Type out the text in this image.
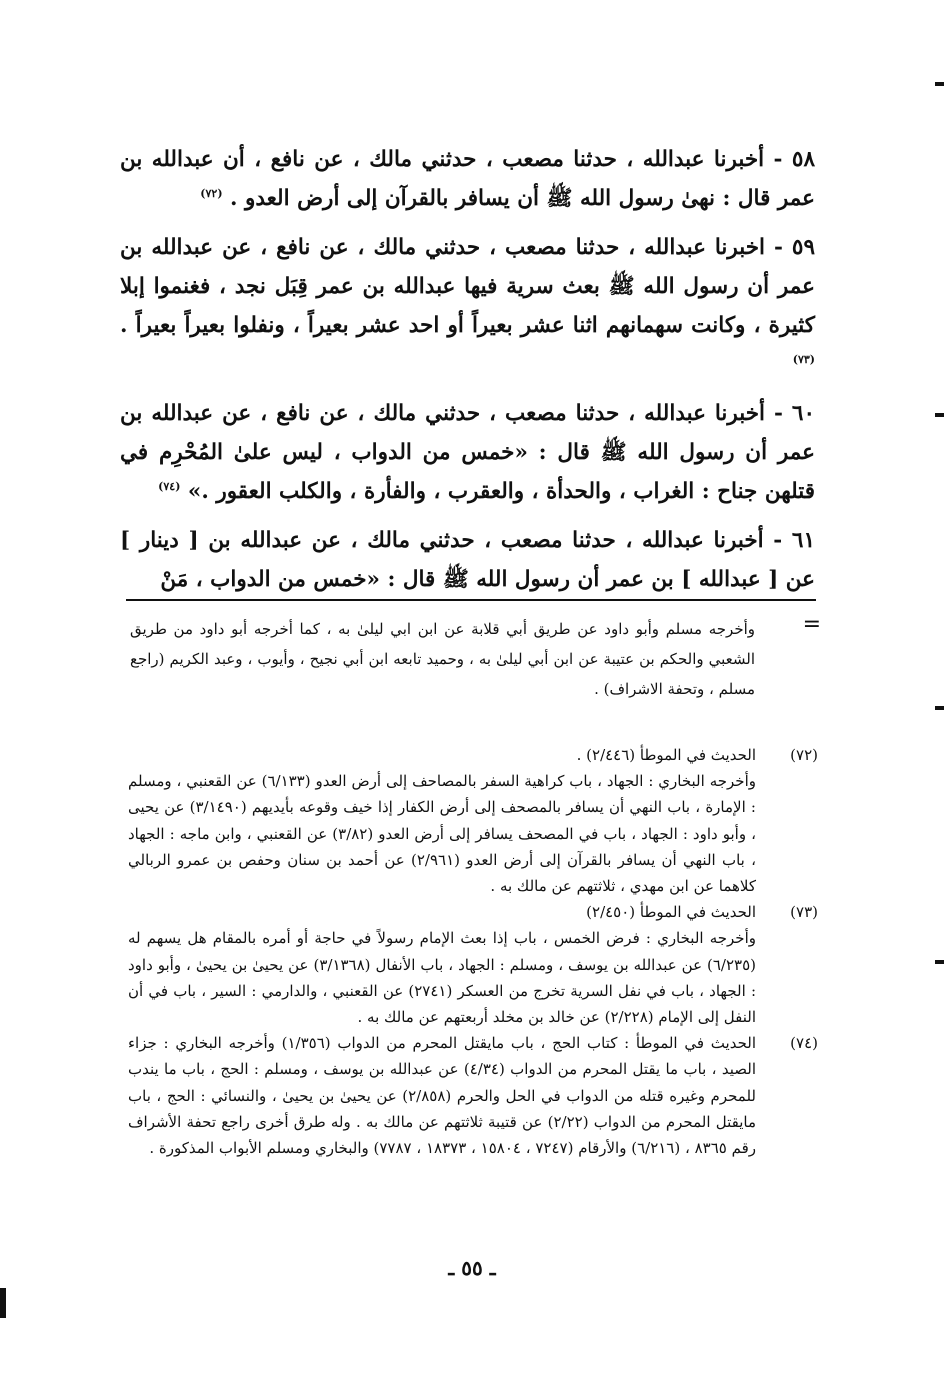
٥٨ - أخبرنا عبدالله ، حدثنا مصعب ، حدثني مالك ، عن نافع ، أن عبدالله بن عمر قال : نهىٰ رسول الله ﷺ أن يسافر بالقرآن إلى أرض العدو . $^{(٧٢)}$

٥٩ - اخبرنا عبدالله ، حدثنا مصعب ، حدثني مالك ، عن نافع ، عن عبدالله بن عمر أن رسول الله ﷺ بعث سرية فيها عبدالله بن عمر قِبَل نجد ، فغنموا إبلا كثيرة ، وكانت سهمانهم اثنا عشر بعيراً أو احد عشر بعيراً ، ونفلوا بعيراً بعيراً . $^{(٧٣)}$

٦٠ - أخبرنا عبدالله ، حدثنا مصعب ، حدثني مالك ، عن نافع ، عن عبدالله بن عمر أن رسول الله ﷺ قال : «خمس من الدواب ، ليس علىٰ المُحْرِم في قتلهن جناح : الغراب ، والحدأة ، والعقرب ، والفأرة ، والكلب العقور .» $^{(٧٤)}$

٦١ - أخبرنا عبدالله ، حدثنا مصعب ، حدثني مالك ، عن عبدالله بن [ دينار ] عن [ عبدالله ] بن عمر أن رسول الله ﷺ قال : «خمس من الدواب ، مَنْ

=
وأخرجه مسلم وأبو داود عن طريق أبي قلابة عن ابن ابي ليلىٰ به ، كما أخرجه أبو داود من طريق الشعبي والحكم بن عتيبة عن ابن أبي ليلىٰ به ، وحميد تابعه ابن أبي نجيح ، وأيوب ، وعبد الكريم (راجع مسلم ، وتحفة الاشراف) .
(٧٢)
الحديث في الموطأ (٢/٤٤٦) .
وأخرجه البخاري : الجهاد ، باب كراهية السفر بالمصاحف إلى أرض العدو (٦/١٣٣) عن القعنبي ، ومسلم : الإمارة ، باب النهي أن يسافر بالمصحف إلى أرض الكفار إذا خيف وقوعه بأيديهم (٣/١٤٩٠) عن يحيى ، وأبو داود : الجهاد ، باب في المصحف يسافر إلى أرض العدو (٣/٨٢) عن القعنبي ، وابن ماجه : الجهاد ، باب النهي أن يسافر بالقرآن إلى أرض العدو (٢/٩٦١) عن أحمد بن سنان وحفص بن عمرو الربالي كلاهما عن ابن مهدي ، ثلاثتهم عن مالك به .
(٧٣)
الحديث في الموطأ (٢/٤٥٠)
وأخرجه البخاري : فرض الخمس ، باب إذا بعث الإمام رسولاً في حاجة أو أمره بالمقام هل يسهم له (٦/٢٣٥) عن عبدالله بن يوسف ، ومسلم : الجهاد ، باب الأنفال (٣/١٣٦٨) عن يحيىٰ بن يحيىٰ ، وأبو داود : الجهاد ، باب في نفل السرية تخرج من العسكر (٢٧٤١) عن القعنبي ، والدارمي : السير ، باب في أن النفل إلى الإمام (٢/٢٢٨) عن خالد بن مخلد أربعتهم عن مالك به .
(٧٤)
الحديث في الموطأ : كتاب الحج ، باب مايقتل المحرم من الدواب (١/٣٥٦) وأخرجه البخاري : جزاء الصيد ، باب ما يقتل المحرم من الدواب (٤/٣٤) عن عبدالله بن يوسف ، ومسلم : الحج ، باب ما يندب للمحرم وغيره قتله من الدواب في الحل والحرم (٢/٨٥٨) عن يحيىٰ بن يحيىٰ ، والنسائي : الحج ، باب مايقتل المحرم من الدواب (٢/٢٢) عن قتيبة ثلاثتهم عن مالك به . وله طرق أخرى راجع تحفة الأشراف رقم ٨٣٦٥ ، (٦/٢١٦) والأرقام (٧٢٤٧ ، ١٥٨٠٤ ، ١٨٣٧٣ ، ٧٧٨٧) والبخاري ومسلم الأبواب المذكورة .
ـ ٥٥ ـ
